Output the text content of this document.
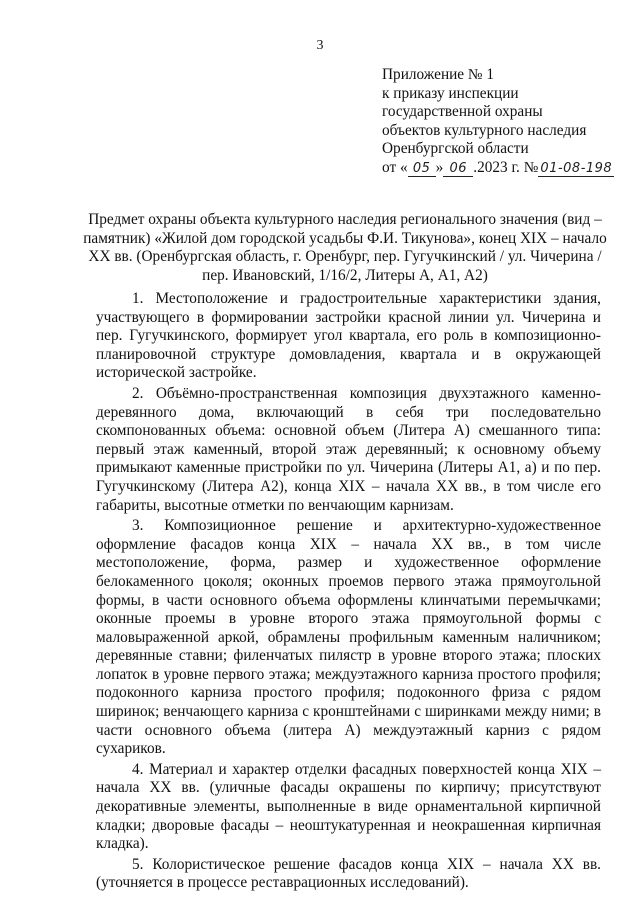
3
Приложение № 1
к приказу инспекции
государственной охраны
объектов культурного наследия
Оренбургской области
от « 05 » 06 .2023 г. № 01-08-198
Предмет охраны объекта культурного наследия регионального значения (вид – памятник) «Жилой дом городской усадьбы Ф.И. Тикунова», конец XIX – начало XX вв. (Оренбургская область, г. Оренбург, пер. Гугучкинский / ул. Чичерина / пер. Ивановский, 1/16/2, Литеры А, А1, А2)

1. Местоположение и градостроительные характеристики здания, участвующего в формировании застройки красной линии ул. Чичерина и пер. Гугучкинского, формирует угол квартала, его роль в композиционно-планировочной структуре домовладения, квартала и в окружающей исторической застройке.

2. Объёмно-пространственная композиция двухэтажного каменно-деревянного дома, включающий в себя три последовательно скомпонованных объема: основной объем (Литера А) смешанного типа: первый этаж каменный, второй этаж деревянный; к основному объему примыкают каменные пристройки по ул. Чичерина (Литеры А1, а) и по пер. Гугучкинскому (Литера А2), конца XIX – начала XX вв., в том числе его габариты, высотные отметки по венчающим карнизам.

3. Композиционное решение и архитектурно-художественное оформление фасадов конца XIX – начала XX вв., в том числе местоположение, форма, размер и художественное оформление белокаменного цоколя; оконных проемов первого этажа прямоугольной формы, в части основного объема оформлены клинчатыми перемычками; оконные проемы в уровне второго этажа прямоугольной формы с маловыраженной аркой, обрамлены профильным каменным наличником; деревянные ставни; филенчатых пилястр в уровне второго этажа; плоских лопаток в уровне первого этажа; междуэтажного карниза простого профиля; подоконного карниза простого профиля; подоконного фриза с рядом ширинок; венчающего карниза с кронштейнами с ширинками между ними; в части основного объема (литера А) междуэтажный карниз с рядом сухариков.

4. Материал и характер отделки фасадных поверхностей конца XIX – начала XX вв. (уличные фасады окрашены по кирпичу; присутствуют декоративные элементы, выполненные в виде орнаментальной кирпичной кладки; дворовые фасады – неоштукатуренная и неокрашенная кирпичная кладка).

5. Колористическое решение фасадов конца XIX – начала XX вв. (уточняется в процессе реставрационных исследований).
